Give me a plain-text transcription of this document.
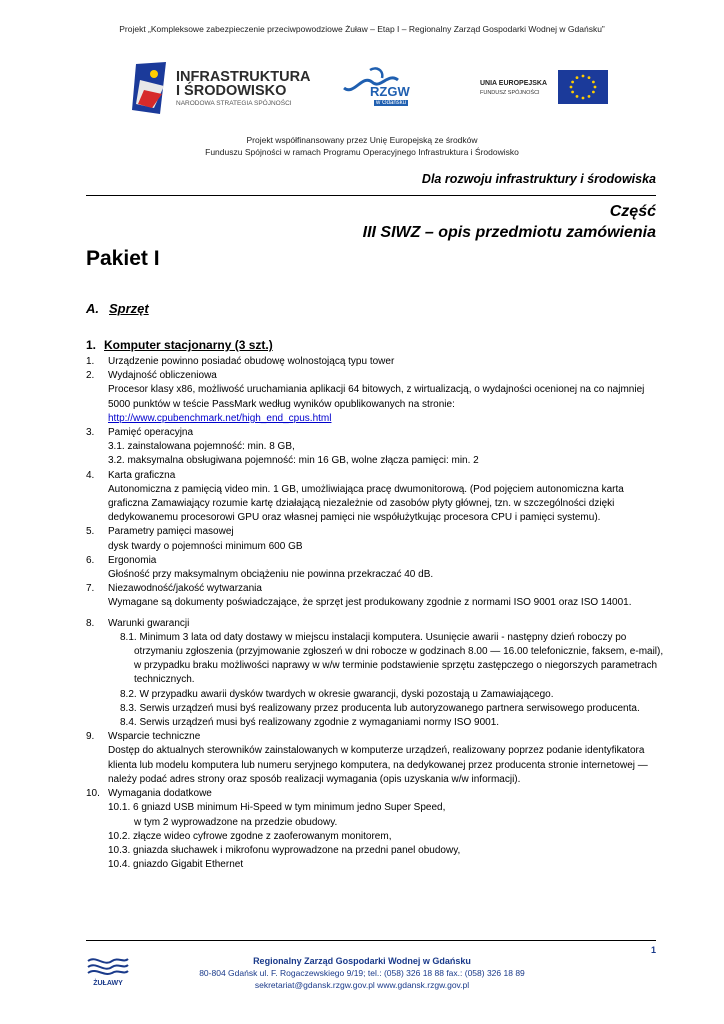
Projekt „Kompleksowe zabezpieczenie przeciwpowodziowe Żuław – Etap I – Regionalny Zarząd Gospodarki Wodnej w Gdańsku”
INFRASTRUKTURA
I ŚRODOWISKO
NARODOWA STRATEGIA SPÓJNOŚCI
RZGW
w Gdańsku
UNIA EUROPEJSKA
FUNDUSZ SPÓJNOŚCI
Projekt współfinansowany przez Unię Europejską ze środków
Funduszu Spójności w ramach Programu Operacyjnego Infrastruktura i Środowisko
Dla rozwoju infrastruktury i środowiska
Część
III SIWZ – opis przedmiotu zamówienia
Pakiet I
A. Sprzęt
1. Komputer stacjonarny (3 szt.)
1. Urządzenie powinno posiadać obudowę wolnostojącą typu tower
2. Wydajność obliczeniowa
Procesor klasy x86, możliwość uruchamiania aplikacji 64 bitowych, z wirtualizacją, o wydajności ocenionej na co najmniej 5000 punktów w teście PassMark według wyników opublikowanych na stronie:
http://www.cpubenchmark.net/high_end_cpus.html
3. Pamięć operacyjna
3.1. zainstalowana pojemność: min. 8 GB,
3.2. maksymalna obsługiwana pojemność: min 16 GB, wolne złącza pamięci: min. 2
4. Karta graficzna
Autonomiczna z pamięcią video min. 1 GB, umożliwiająca pracę dwumonitorową. (Pod pojęciem autonomiczna karta graficzna Zamawiający rozumie kartę działającą niezależnie od zasobów płyty głównej, tzn. w szczególności dzięki dedykowanemu procesorowi GPU oraz własnej pamięci nie współużytkując procesora CPU i pamięci systemu).
5. Parametry pamięci masowej
dysk twardy o pojemności minimum 600 GB
6. Ergonomia
Głośność przy maksymalnym obciążeniu nie powinna przekraczać 40 dB.
7. Niezawodność/jakość wytwarzania
Wymagane są dokumenty poświadczające, że sprzęt jest produkowany zgodnie z normami ISO 9001 oraz ISO 14001.
8. Warunki gwarancji
8.1. Minimum 3 lata od daty dostawy w miejscu instalacji komputera. Usunięcie awarii - następny dzień roboczy po otrzymaniu zgłoszenia (przyjmowanie zgłoszeń w dni robocze w godzinach 8.00 — 16.00 telefonicznie, faksem, e-mail), w przypadku braku możliwości naprawy w w/w terminie podstawienie sprzętu zastępczego o niegorszych parametrach technicznych.
8.2. W przypadku awarii dysków twardych w okresie gwarancji, dyski pozostają u Zamawiającego.
8.3. Serwis urządzeń musi byś realizowany przez producenta lub autoryzowanego partnera serwisowego producenta.
8.4. Serwis urządzeń musi byś realizowany zgodnie z wymaganiami normy ISO 9001.
9. Wsparcie techniczne
Dostęp do aktualnych sterowników zainstalowanych w komputerze urządzeń, realizowany poprzez podanie identyfikatora klienta lub modelu komputera lub numeru seryjnego komputera, na dedykowanej przez producenta stronie internetowej — należy podać adres strony oraz sposób realizacji wymagania (opis uzyskania w/w informacji).
10. Wymagania dodatkowe
10.1. 6 gniazd USB minimum Hi-Speed w tym minimum jedno Super Speed,
w tym 2 wyprowadzone na przedzie obudowy.
10.2. złącze wideo cyfrowe zgodne z zaoferowanym monitorem,
10.3. gniazda słuchawek i mikrofonu wyprowadzone na przedni panel obudowy,
10.4. gniazdo Gigabit Ethernet
1
ŻUŁAWY
Regionalny Zarząd Gospodarki Wodnej w Gdańsku
80-804 Gdańsk ul. F. Rogaczewskiego 9/19; tel.: (058) 326 18 88 fax.: (058) 326 18 89
sekretariat@gdansk.rzgw.gov.pl www.gdansk.rzgw.gov.pl
